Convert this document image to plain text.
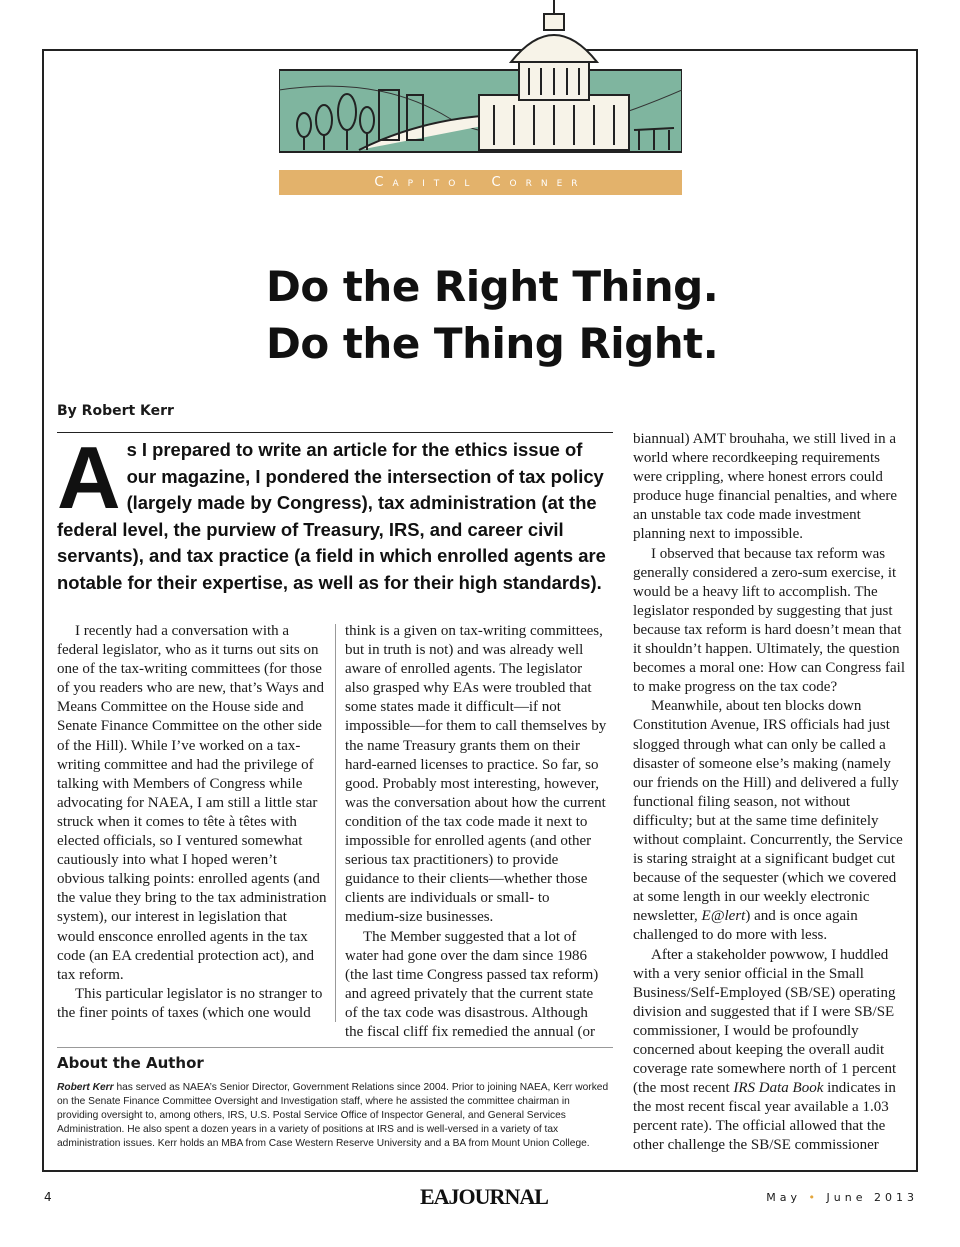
Capitol Corner
Do the Right Thing.
Do the Thing Right.
By Robert Kerr
A s I prepared to write an article for the ethics issue of our magazine, I pondered the intersection of tax policy (largely made by Congress), tax administration (at the federal level, the purview of Treasury, IRS, and career civil servants), and tax practice (a field in which enrolled agents are notable for their expertise, as well as for their high standards).

I recently had a conversation with a federal legislator, who as it turns out sits on one of the tax-writing committees (for those of you readers who are new, that’s Ways and Means Committee on the House side and Senate Finance Committee on the other side of the Hill). While I’ve worked on a tax-writing committee and had the privilege of talking with Members of Congress while advocating for NAEA, I am still a little star struck when it comes to tête à têtes with elected officials, so I ventured somewhat cautiously into what I hoped weren’t obvious talking points: enrolled agents (and the value they bring to the tax administration system), our interest in legislation that would ensconce enrolled agents in the tax code (an EA credential protection act), and tax reform.

This particular legislator is no stranger to the finer points of taxes (which one would

think is a given on tax-writing committees, but in truth is not) and was already well aware of enrolled agents. The legislator also grasped why EAs were troubled that some states made it difficult—if not impossible—for them to call themselves by the name Treasury grants them on their hard-earned licenses to practice. So far, so good. Probably most interesting, however, was the conversation about how the current condition of the tax code made it next to impossible for enrolled agents (and other serious tax practitioners) to provide guidance to their clients—whether those clients are individuals or small- to medium-size businesses.

The Member suggested that a lot of water had gone over the dam since 1986 (the last time Congress passed tax reform) and agreed privately that the current state of the tax code was disastrous. Although the fiscal cliff fix remedied the annual (or

biannual) AMT brouhaha, we still lived in a world where recordkeeping requirements were crippling, where honest errors could produce huge financial penalties, and where an unstable tax code made investment planning next to impossible.

I observed that because tax reform was generally considered a zero-sum exercise, it would be a heavy lift to accomplish. The legislator responded by suggesting that just because tax reform is hard doesn’t mean that it shouldn’t happen. Ultimately, the question becomes a moral one: How can Congress fail to make progress on the tax code?

Meanwhile, about ten blocks down Constitution Avenue, IRS officials had just slogged through what can only be called a disaster of someone else’s making (namely our friends on the Hill) and delivered a fully functional filing season, not without difficulty; but at the same time definitely without complaint. Concurrently, the Service is staring straight at a significant budget cut because of the sequester (which we covered at some length in our weekly electronic newsletter, E@lert) and is once again challenged to do more with less.

After a stakeholder powwow, I huddled with a very senior official in the Small Business/Self-Employed (SB/SE) operating division and suggested that if I were SB/SE commissioner, I would be profoundly concerned about keeping the overall audit coverage rate somewhere north of 1 percent (the most recent IRS Data Book indicates in the most recent fiscal year available a 1.03 percent rate). The official allowed that the other challenge the SB/SE commissioner

About the Author
Robert Kerr has served as NAEA’s Senior Director, Government Relations since 2004. Prior to joining NAEA, Kerr worked on the Senate Finance Committee Oversight and Investigation staff, where he assisted the committee chairman in providing oversight to, among others, IRS, U.S. Postal Service Office of Inspector General, and General Services Administration. He also spent a dozen years in a variety of positions at IRS and is well-versed in a variety of tax administration issues. Kerr holds an MBA from Case Western Reserve University and a BA from Mount Union College.
4	EAJOURNAL	May • June 2013
